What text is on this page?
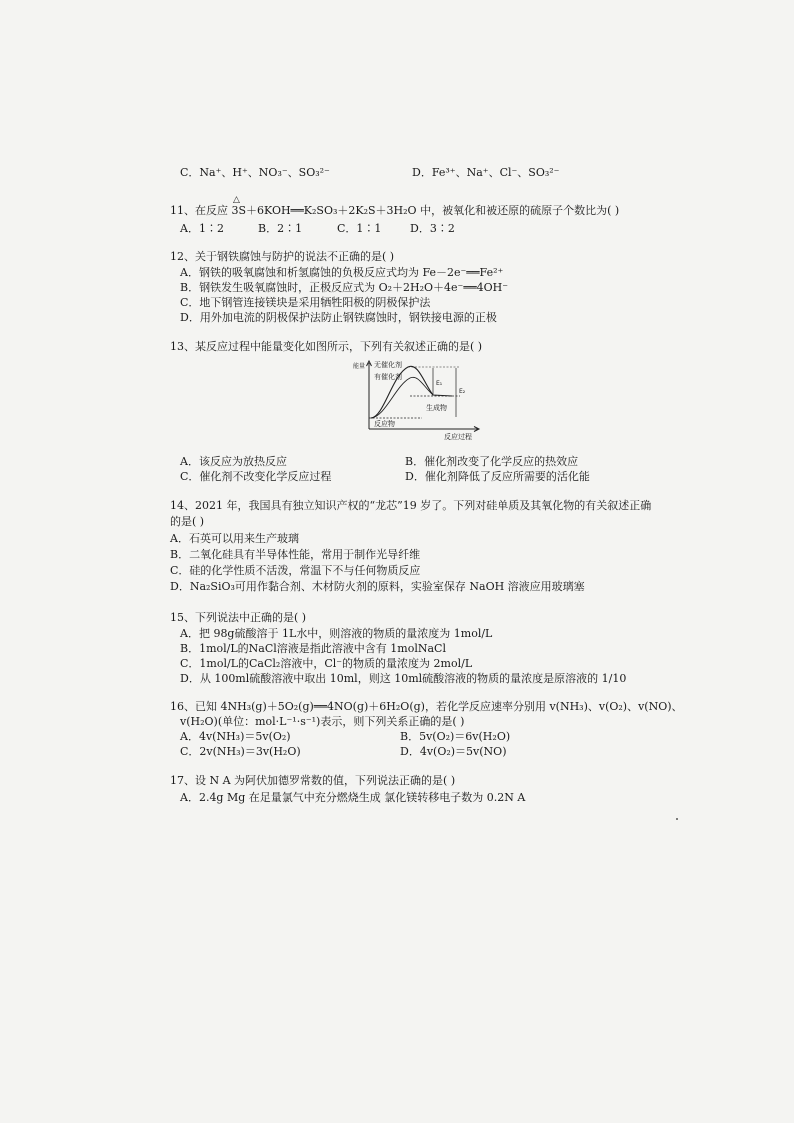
C．Na⁺、H⁺、NO₃⁻、SO₃²⁻	D．Fe³⁺、Na⁺、Cl⁻、SO₃²⁻
△
11、在反应 3S＋6KOH══K₂SO₃＋2K₂S＋3H₂O 中，被氧化和被还原的硫原子个数比为( )
A．1∶2	B．2∶1	C．1∶1	D．3∶2
12、关于钢铁腐蚀与防护的说法不正确的是( )
A．钢铁的吸氧腐蚀和析氢腐蚀的负极反应式均为 Fe－2e⁻══Fe²⁺
B．钢铁发生吸氧腐蚀时，正极反应式为 O₂＋2H₂O＋4e⁻══4OH⁻
C．地下钢管连接镁块是采用牺牲阳极的阴极保护法
D．用外加电流的阴极保护法防止钢铁腐蚀时，钢铁接电源的正极
13、某反应过程中能量变化如图所示，下列有关叙述正确的是( )
能量 无催化剂
有催化剂
E₁
E₂
生成物
反应物
反应过程
A．该反应为放热反应	B．催化剂改变了化学反应的热效应
C．催化剂不改变化学反应过程	D．催化剂降低了反应所需要的活化能
14、2021 年，我国具有独立知识产权的“龙芯”19 岁了。下列对硅单质及其氧化物的有关叙述正确
的是( )
A．石英可以用来生产玻璃
B．二氧化硅具有半导体性能，常用于制作光导纤维
C．硅的化学性质不活泼，常温下不与任何物质反应
D．Na₂SiO₃可用作黏合剂、木材防火剂的原料，实验室保存 NaOH 溶液应用玻璃塞
15、下列说法中正确的是( )
A．把 98g硫酸溶于 1L水中，则溶液的物质的量浓度为 1mol/L
B．1mol/L的NaCl溶液是指此溶液中含有 1molNaCl
C．1mol/L的CaCl₂溶液中，Cl⁻的物质的量浓度为 2mol/L
D．从 100ml硫酸溶液中取出 10ml，则这 10ml硫酸溶液的物质的量浓度是原溶液的 1/10
16、已知 4NH₃(g)＋5O₂(g)══4NO(g)＋6H₂O(g)，若化学反应速率分别用 v(NH₃)、v(O₂)、v(NO)、
v(H₂O)(单位：mol·L⁻¹·s⁻¹)表示，则下列关系正确的是( )
A．4v(NH₃)＝5v(O₂)	B．5v(O₂)＝6v(H₂O)
C．2v(NH₃)＝3v(H₂O)	D．4v(O₂)＝5v(NO)
17、设 N A 为阿伏加德罗常数的值，下列说法正确的是( )
A．2.4g Mg 在足量氯气中充分燃烧生成 氯化镁转移电子数为 0.2N A
